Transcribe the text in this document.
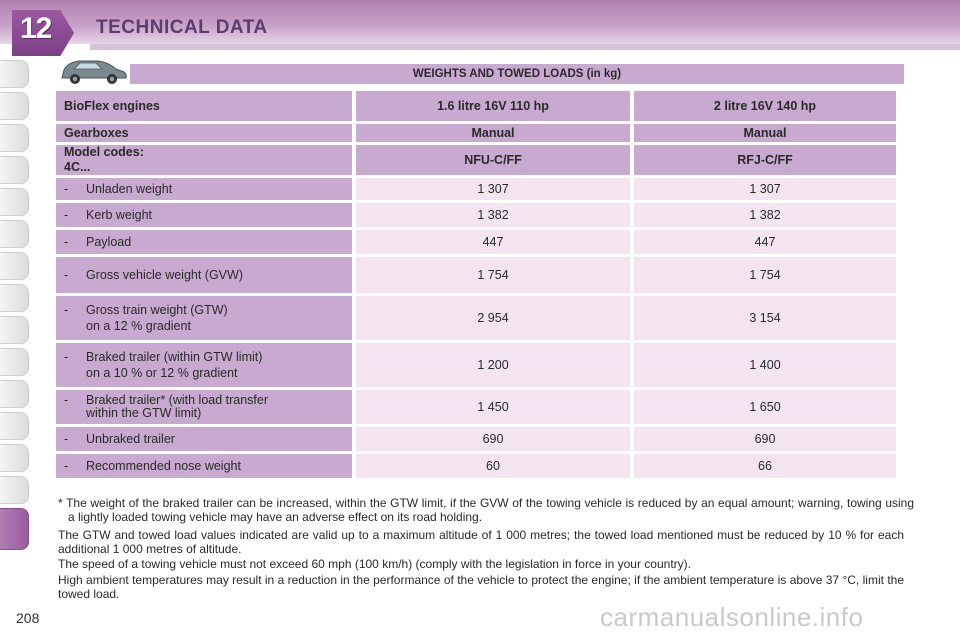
12 TECHNICAL DATA
WEIGHTS AND TOWED LOADS (in kg)
BioFlex engines	1.6 litre 16V 110 hp	2 litre 16V 140 hp
Gearboxes	Manual	Manual

Model codes:
4C...	NFU-C/FF	RFJ-C/FF

- Unladen weight	1 307	1 307

- Kerb weight	1 382	1 382

- Payload	447	447

- Gross vehicle weight (GVW)	1 754	1 754

- Gross train weight (GTW)
on a 12 % gradient	2 954	3 154

- Braked trailer (within GTW limit)
on a 10 % or 12 % gradient	1 200	1 400

- Braked trailer* (with load transfer
within the GTW limit)	1 450	1 650

- Unbraked trailer	690	690

- Recommended nose weight	60	66
* The weight of the braked trailer can be increased, within the GTW limit, if the GVW of the towing vehicle is reduced by an equal amount; warning, towing using a lightly loaded towing vehicle may have an adverse effect on its road holding.
The GTW and towed load values indicated are valid up to a maximum altitude of 1 000 metres; the towed load mentioned must be reduced by 10 % for each additional 1 000 metres of altitude.
The speed of a towing vehicle must not exceed 60 mph (100 km/h) (comply with the legislation in force in your country).
High ambient temperatures may result in a reduction in the performance of the vehicle to protect the engine; if the ambient temperature is above 37 °C, limit the towed load.
208	carmanualsonline.info
